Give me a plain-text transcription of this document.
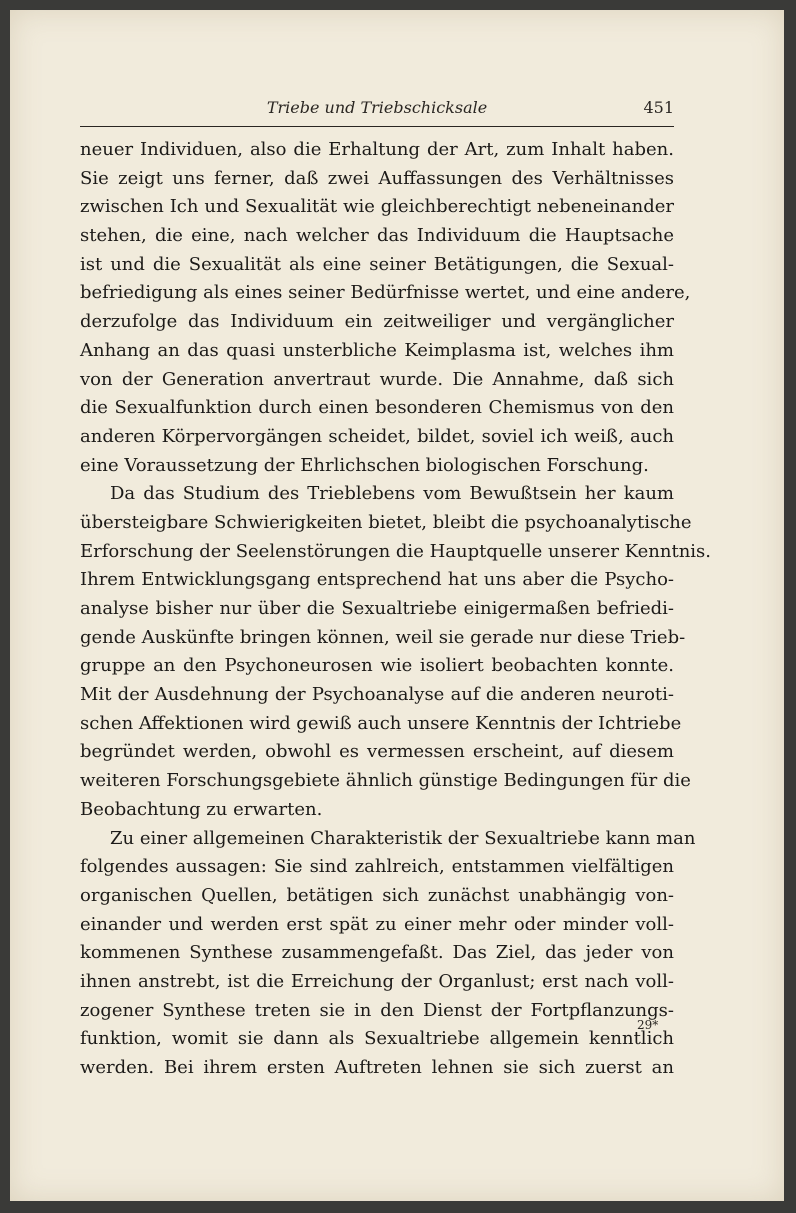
Triebe und Triebschicksale	451
neuer Individuen, also die Erhaltung der Art, zum Inhalt haben.
Sie zeigt uns ferner, daß zwei Auffassungen des Verhältnisses
zwischen Ich und Sexualität wie gleichberechtigt nebeneinander
stehen, die eine, nach welcher das Individuum die Hauptsache
ist und die Sexualität als eine seiner Betätigungen, die Sexual-
befriedigung als eines seiner Bedürfnisse wertet, und eine andere,
derzufolge das Individuum ein zeitweiliger und vergänglicher
Anhang an das quasi unsterbliche Keimplasma ist, welches ihm
von der Generation anvertraut wurde. Die Annahme, daß sich
die Sexualfunktion durch einen besonderen Chemismus von den
anderen Körpervorgängen scheidet, bildet, soviel ich weiß, auch
eine Voraussetzung der Ehrlichschen biologischen Forschung.
Da das Studium des Trieblebens vom Bewußtsein her kaum
übersteigbare Schwierigkeiten bietet, bleibt die psychoanalytische
Erforschung der Seelenstörungen die Hauptquelle unserer Kenntnis.
Ihrem Entwicklungsgang entsprechend hat uns aber die Psycho-
analyse bisher nur über die Sexualtriebe einigermaßen befriedi-
gende Auskünfte bringen können, weil sie gerade nur diese Trieb-
gruppe an den Psychoneurosen wie isoliert beobachten konnte.
Mit der Ausdehnung der Psychoanalyse auf die anderen neuroti-
schen Affektionen wird gewiß auch unsere Kenntnis der Ichtriebe
begründet werden, obwohl es vermessen erscheint, auf diesem
weiteren Forschungsgebiete ähnlich günstige Bedingungen für die
Beobachtung zu erwarten.
Zu einer allgemeinen Charakteristik der Sexualtriebe kann man
folgendes aussagen: Sie sind zahlreich, entstammen vielfältigen
organischen Quellen, betätigen sich zunächst unabhängig von-
einander und werden erst spät zu einer mehr oder minder voll-
kommenen Synthese zusammengefaßt. Das Ziel, das jeder von
ihnen anstrebt, ist die Erreichung der Organlust; erst nach voll-
zogener Synthese treten sie in den Dienst der Fortpflanzungs-
funktion, womit sie dann als Sexualtriebe allgemein kenntlich
werden. Bei ihrem ersten Auftreten lehnen sie sich zuerst an
29*
